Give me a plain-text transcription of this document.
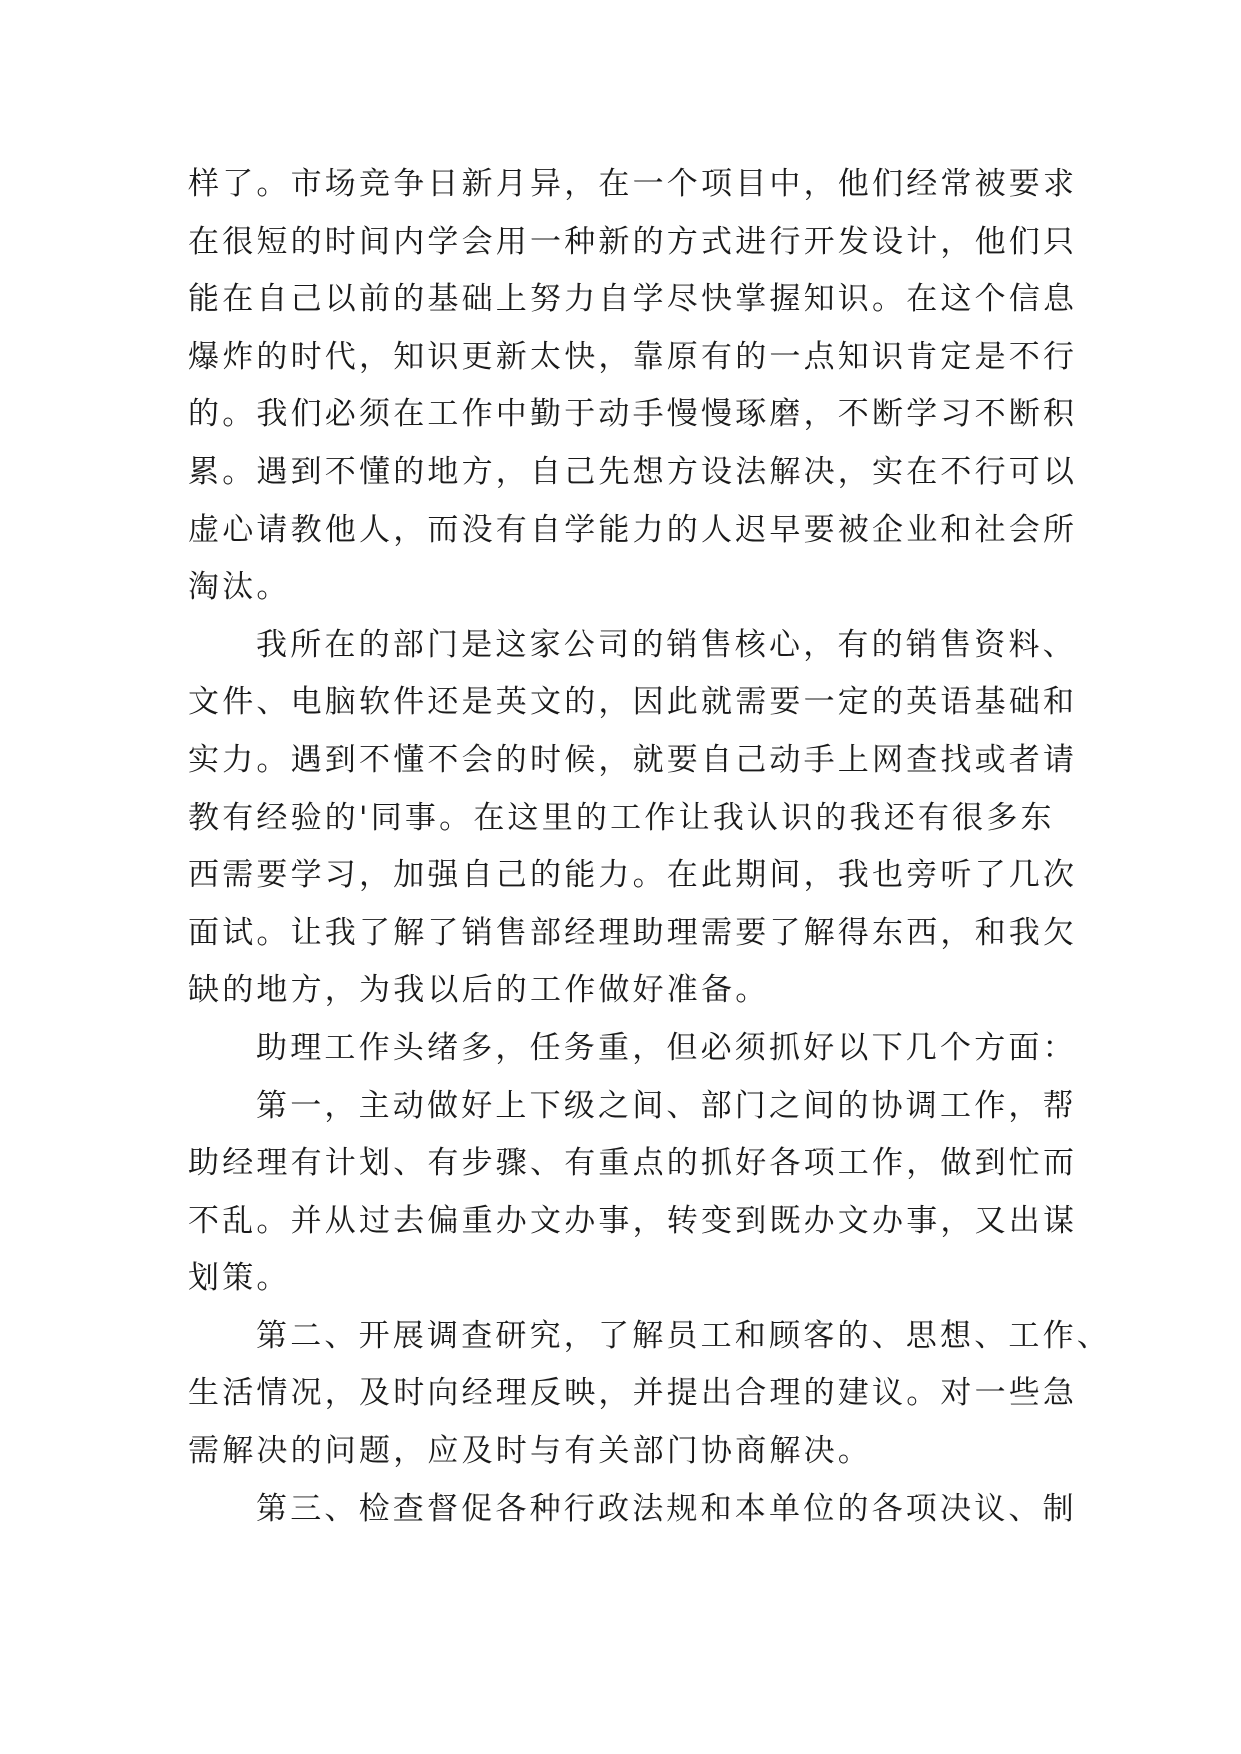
样了。市场竞争日新月异，在一个项目中，他们经常被要求
在很短的时间内学会用一种新的方式进行开发设计，他们只
能在自己以前的基础上努力自学尽快掌握知识。在这个信息
爆炸的时代，知识更新太快，靠原有的一点知识肯定是不行
的。我们必须在工作中勤于动手慢慢琢磨，不断学习不断积
累。遇到不懂的地方，自己先想方设法解决，实在不行可以
虚心请教他人，而没有自学能力的人迟早要被企业和社会所
淘汰。
我所在的部门是这家公司的销售核心，有的销售资料、
文件、电脑软件还是英文的，因此就需要一定的英语基础和
实力。遇到不懂不会的时候，就要自己动手上网查找或者请
教有经验的'同事。在这里的工作让我认识的我还有很多东
西需要学习，加强自己的能力。在此期间，我也旁听了几次
面试。让我了解了销售部经理助理需要了解得东西，和我欠
缺的地方，为我以后的工作做好准备。
助理工作头绪多，任务重，但必须抓好以下几个方面：
第一，主动做好上下级之间、部门之间的协调工作，帮
助经理有计划、有步骤、有重点的抓好各项工作，做到忙而
不乱。并从过去偏重办文办事，转变到既办文办事，又出谋
划策。
第二、开展调查研究，了解员工和顾客的、思想、工作、
生活情况，及时向经理反映，并提出合理的建议。对一些急
需解决的问题，应及时与有关部门协商解决。
第三、检查督促各种行政法规和本单位的各项决议、制
